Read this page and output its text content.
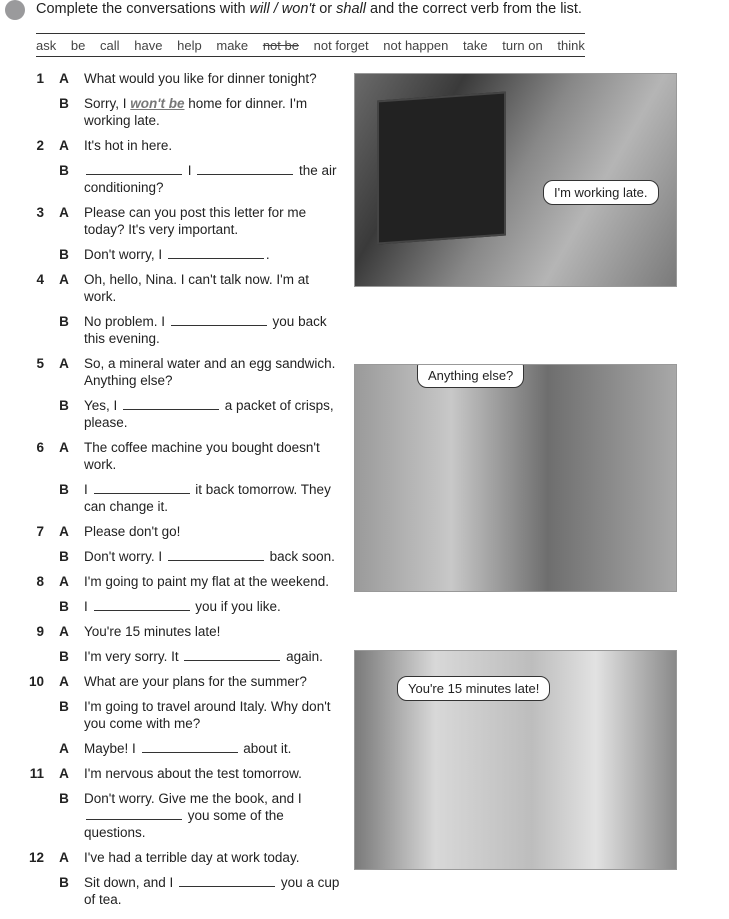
Complete the conversations with will / won't or shall and the correct verb from the list.
ask be call have help make not be not forget not happen take turn on think
1	A	What would you like for dinner tonight?
B	Sorry, I won't be home for dinner. I'm working late.
2	A	It's hot in here.
B	I	the air conditioning?
3	A	Please can you post this letter for me today? It's very important.
B	Don't worry, I	.
4	A	Oh, hello, Nina. I can't talk now. I'm at work.
B	No problem. I	you back this evening.
5	A	So, a mineral water and an egg sandwich. Anything else?
B	Yes, I	a packet of crisps, please.
6	A	The coffee machine you bought doesn't work.
B	I	it back tomorrow. They can change it.
7	A	Please don't go!
B	Don't worry. I	back soon.
8	A	I'm going to paint my flat at the weekend.
B	I	you if you like.
9	A	You're 15 minutes late!
B	I'm very sorry. It	again.
10	A	What are your plans for the summer?
B	I'm going to travel around Italy. Why don't you come with me?
A	Maybe! I	about it.
11	A	I'm nervous about the test tomorrow.
B	Don't worry. Give me the book, and I  you some of the questions.
12	A	I've had a terrible day at work today.
B	Sit down, and I	you a cup of tea.
I'm working late.
Anything else?
You're 15 minutes late!
